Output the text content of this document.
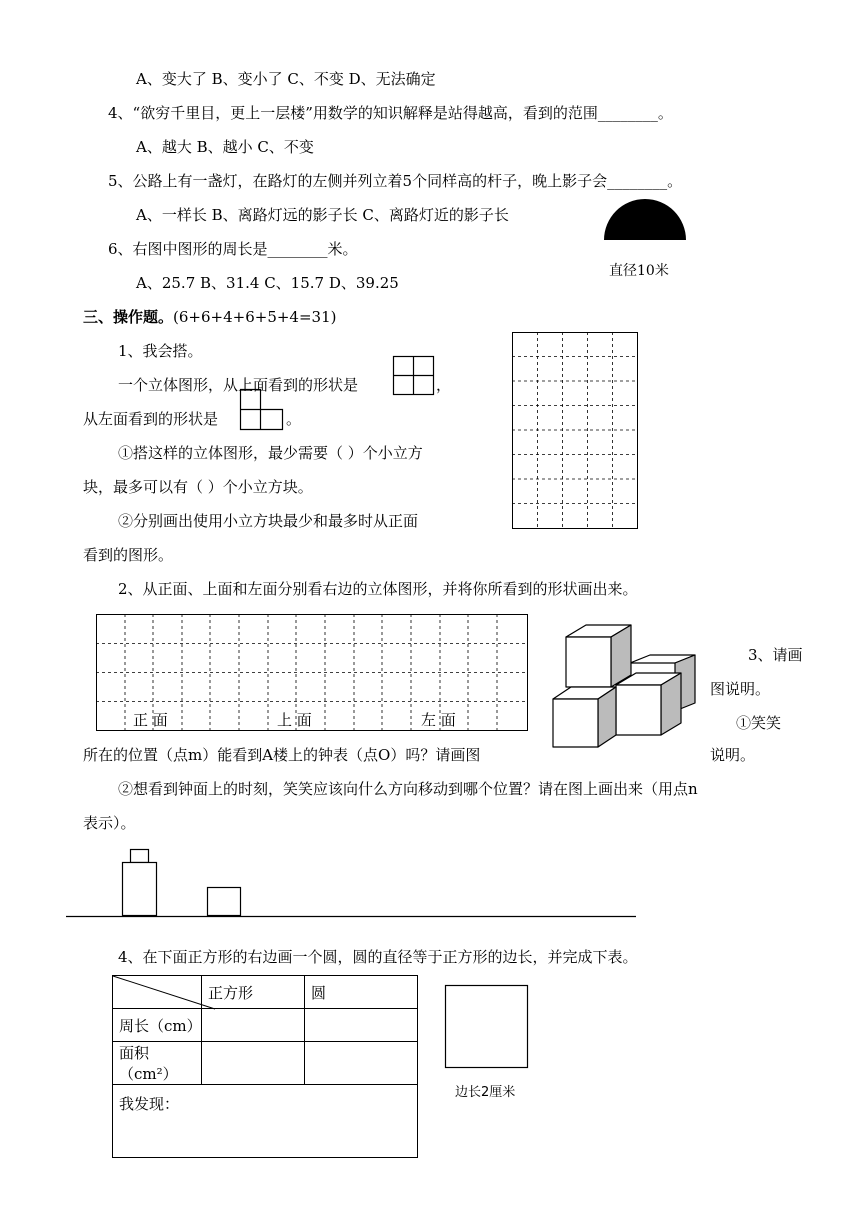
A、变大了 B、变小了 C、不变 D、无法确定
4、“欲穷千里目，更上一层楼”用数学的知识解释是站得越高，看到的范围________。
A、越大 B、越小 C、不变
5、公路上有一盏灯，在路灯的左侧并列立着5个同样高的杆子，晚上影子会________。
A、一样长 B、离路灯远的影子长 C、离路灯近的影子长
6、右图中图形的周长是________米。
A、25.7 B、31.4 C、15.7 D、39.25
直径10米
三、操作题。(6+6+4+6+5+4=31)
1、我会搭。
一个立体图形，从上面看到的形状是	，
从左面看到的形状是	。
①搭这样的立体图形，最少需要（ ）个小立方
块，最多可以有（ ）个小立方块。
②分别画出使用小立方块最少和最多时从正面
看到的图形。
2、从正面、上面和左面分别看右边的立体图形，并将你所看到的形状画出来。
正 面	上 面	左 面
3、请画
图说明。
①笑笑
所在的位置（点m）能看到A楼上的钟表（点O）吗？请画图	说明。
②想看到钟面上的时刻，笑笑应该向什么方向移动到哪个位置？请在图上画出来（用点n
表示）。
4、在下面正方形的右边画一个圆，圆的直径等于正方形的边长，并完成下表。
	正方形	圆
周长（cm）		
面积（cm²）		
我发现：		
边长2厘米
